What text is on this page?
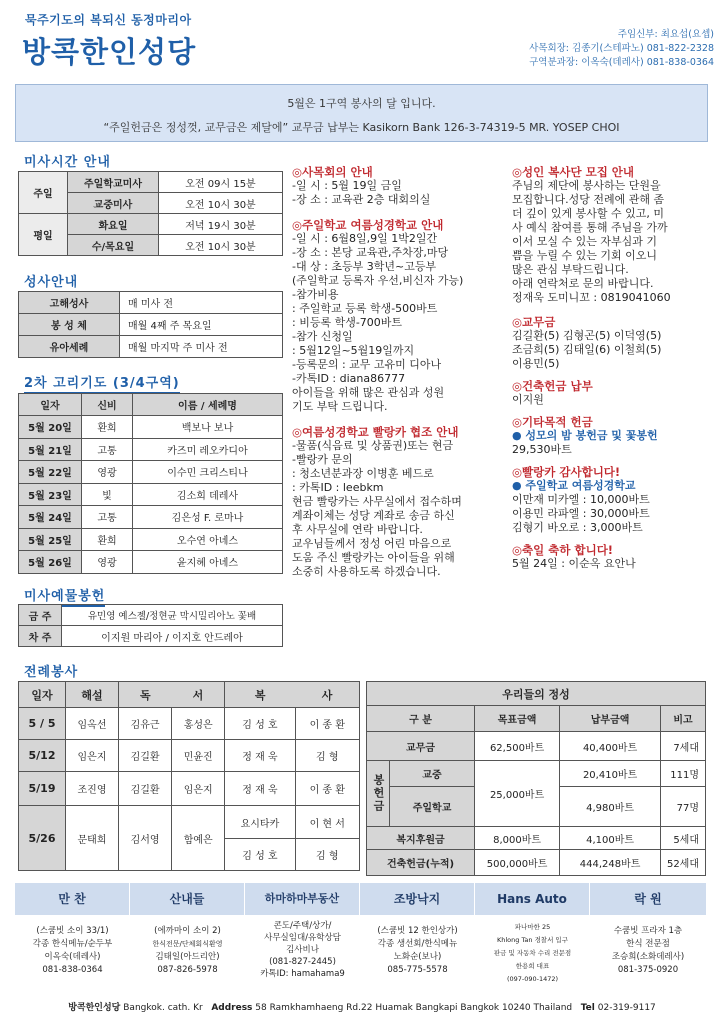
묵주기도의 복되신 동정마리아
방콕한인성당
주임신부: 최요섭(요셉)
사목회장: 김종기(스테파노) 081-822-2328
구역분과장: 이옥숙(데레사) 081-838-0364
5월은 1구역 봉사의 달 입니다.
“주일헌금은 정성껏, 교무금은 제달에” 교무금 납부는 Kasikorn Bank 126-3-74319-5 MR. YOSEP CHOI
미사시간 안내
주일	주일학교미사	오전 09시 15분
	교중미사	오전 10시 30분
평일	화요일	저녁 19시 30분
	수/목요일	오전 10시 30분
성사안내
고해성사	매 미사 전
봉 성 체	매월 4째 주 목요일
유아세례	매월 마지막 주 미사 전
2차 고리기도 (3/4구역)
일자	신비	이름 / 세례명
5월 20일	환희	백보나 보나
5월 21일	고통	카즈미 레오카디아
5월 22일	영광	이수민 크리스티나
5월 23일	빛	김소희 데레사
5월 24일	고통	김은성 F. 로마나
5월 25일	환희	오수연 아녜스
5월 26일	영광	윤지혜 아녜스
미사예물봉헌
금 주	유민영 예스젤/정현균 막시밀리아노 꽃배
차 주	이지원 마리아 / 이지호 안드레아
◎사목회의 안내
-일 시 : 5월 19일 금일
-장 소 : 교육관 2층 대회의실
◎주일학교 여름성경학교 안내
-일 시 : 6월8일,9일 1박2일간
-장 소 : 본당 교육관,주차장,마당
-대 상 : 초등부 3학년~고등부
(주일학교 등록자 우선,비신자 가능)
-참가비용
: 주일학교 등록 학생-500바트
: 비등록 학생-700바트
-참가 신청일
: 5월12일~5월19일까지
-등록문의 : 교무 고유미 디아나
-카톡ID : diana86777
아이들을 위해 많은 관심과 성원
기도 부탁 드립니다.
◎여름성경학교 빨랑카 협조 안내
-물품(식음료 및 상품권)또는 현금
-빨랑카 문의
: 청소년분과장 이병훈 베드로
: 카톡ID : leebkm
현금 빨랑카는 사무실에서 접수하며
계좌이체는 성당 계좌로 송금 하신
후 사무실에 연락 바랍니다.
교우님들께서 정성 어린 마음으로
도움 주신 빨랑카는 아이들을 위해
소중히 사용하도록 하겠습니다.
◎성인 복사단 모집 안내
주님의 제단에 봉사하는 단원을
모집합니다.성당 전례에 관해 좀
더 깊이 있게 봉사할 수 있고, 미
사 예식 참여를 통해 주님을 가까
이서 모실 수 있는 자부심과 기
쁨을 누릴 수 있는 기회 이오니
많은 관심 부탁드립니다.
아래 연락처로 문의 바랍니다.
정재욱 도미니꼬 : 0819041060
◎교무금
김길환(5) 김형곤(5) 이덕영(5)
조금희(5) 김태일(6) 이철희(5)
이용민(5)
◎건축헌금 납부
이지원
◎기타목적 헌금
● 성모의 밤 봉헌금 및 꽃봉헌
29,530바트
◎빨랑카 감사합니다!
● 주일학교 여름성경학교
이만재 미카엘 : 10,000바트
이용민 라파엘 : 30,000바트
김형기 바오로 : 3,000바트
◎축일 축하 합니다!
5월 24일 : 이순옥 요안나
전례봉사
일자	해설	독	서	복	사
5 / 5	임옥선	김유근	홍성은	김 성 호	이 종 환
5/12	임은지	김길환	민윤진	정 재 욱	김 형
5/19	조진영	김길환	임은지	정 재 욱	이 종 환
5/26	문태희	김서영	함예은	요시타카	이 현 서
				김 성 호	김 형
우리들의 정성				
구 분		목표금액	납부금액	비고
교무금		62,500바트	40,400바트	7세대
봉헌금	교중	25,000바트	20,410바트	111명
	주일학교		4,980바트	77명
복지후원금		8,000바트	4,100바트	5세대
건축헌금(누적)		500,000바트	444,248바트	52세대
만 찬
(스쿰빗 소이 33/1)
각종 한식메뉴/순두부
이옥숙(데레사)
081-838-0364
산내들
(에까마이 소이 2)
한식전문/단체회식환영
김태일(아드리안)
087-826-5978
하마하마부동산
콘도/주택/상가/
사무실임대/유학상담
김사비나
(081-827-2445)
카톡ID: hamahama9
조방낙지
(스쿰빗 12 한인상가)
각종 생선회/한식메뉴
노화순(보나)
085-775-5578
Hans Auto
파나마한 25
Khlong Tan 경찰서 입구
판금 및 자동차 수리 전문점
한용희 대표
(097-090-1472)
락 원
수쿰빗 프라자 1층
한식 전문점
조승희(소화데레사)
081-375-0920
방콕한인성당 Bangkok. cath. Kr Address 58 Ramkhamhaeng Rd.22 Huamak Bangkapi Bangkok 10240 Thailand Tel 02-319-9117
